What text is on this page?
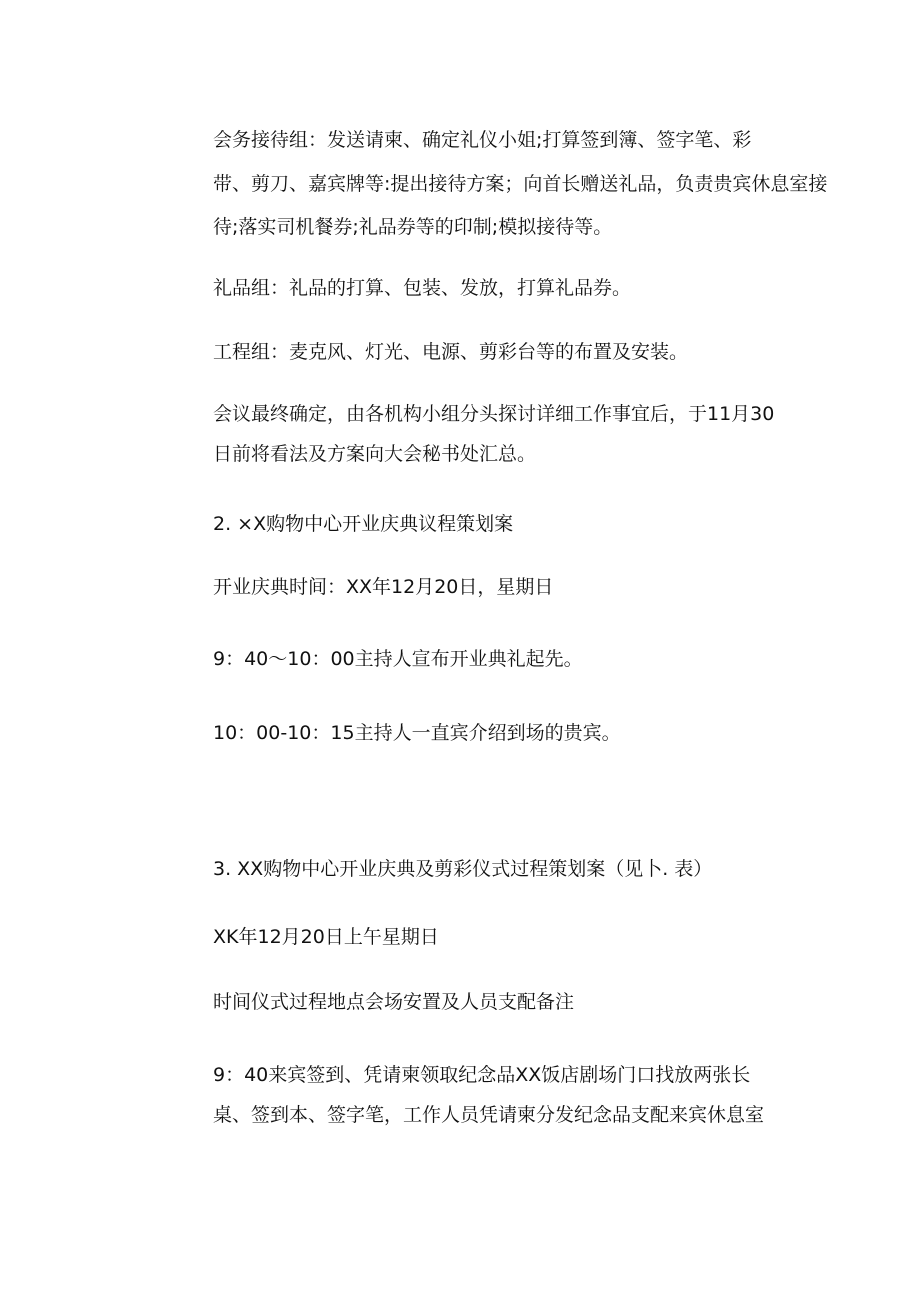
会务接待组：发送请柬、确定礼仪小姐;打算签到簿、签字笔、彩

带、剪刀、嘉宾牌等:提出接待方案；向首长赠送礼品，负责贵宾休息室接

待;落实司机餐券;礼品券等的印制;模拟接待等。

礼品组：礼品的打算、包装、发放，打算礼品券。

工程组：麦克风、灯光、电源、剪彩台等的布置及安装。

会议最终确定，由各机构小组分头探讨详细工作事宜后，于11月30

日前将看法及方案向大会秘书处汇总。

2. ×X购物中心开业庆典议程策划案

开业庆典时间：XX年12月20日，星期日

9：40～10：00主持人宣布开业典礼起先。

10：00-10：15主持人一直宾介绍到场的贵宾。

3. XX购物中心开业庆典及剪彩仪式过程策划案（见卜. 表）

XK年12月20日上午星期日

时间仪式过程地点会场安置及人员支配备注

9：40来宾签到、凭请柬领取纪念品XX饭店剧场门口找放两张长

桌、签到本、签字笔，工作人员凭请柬分发纪念品支配来宾休息室
